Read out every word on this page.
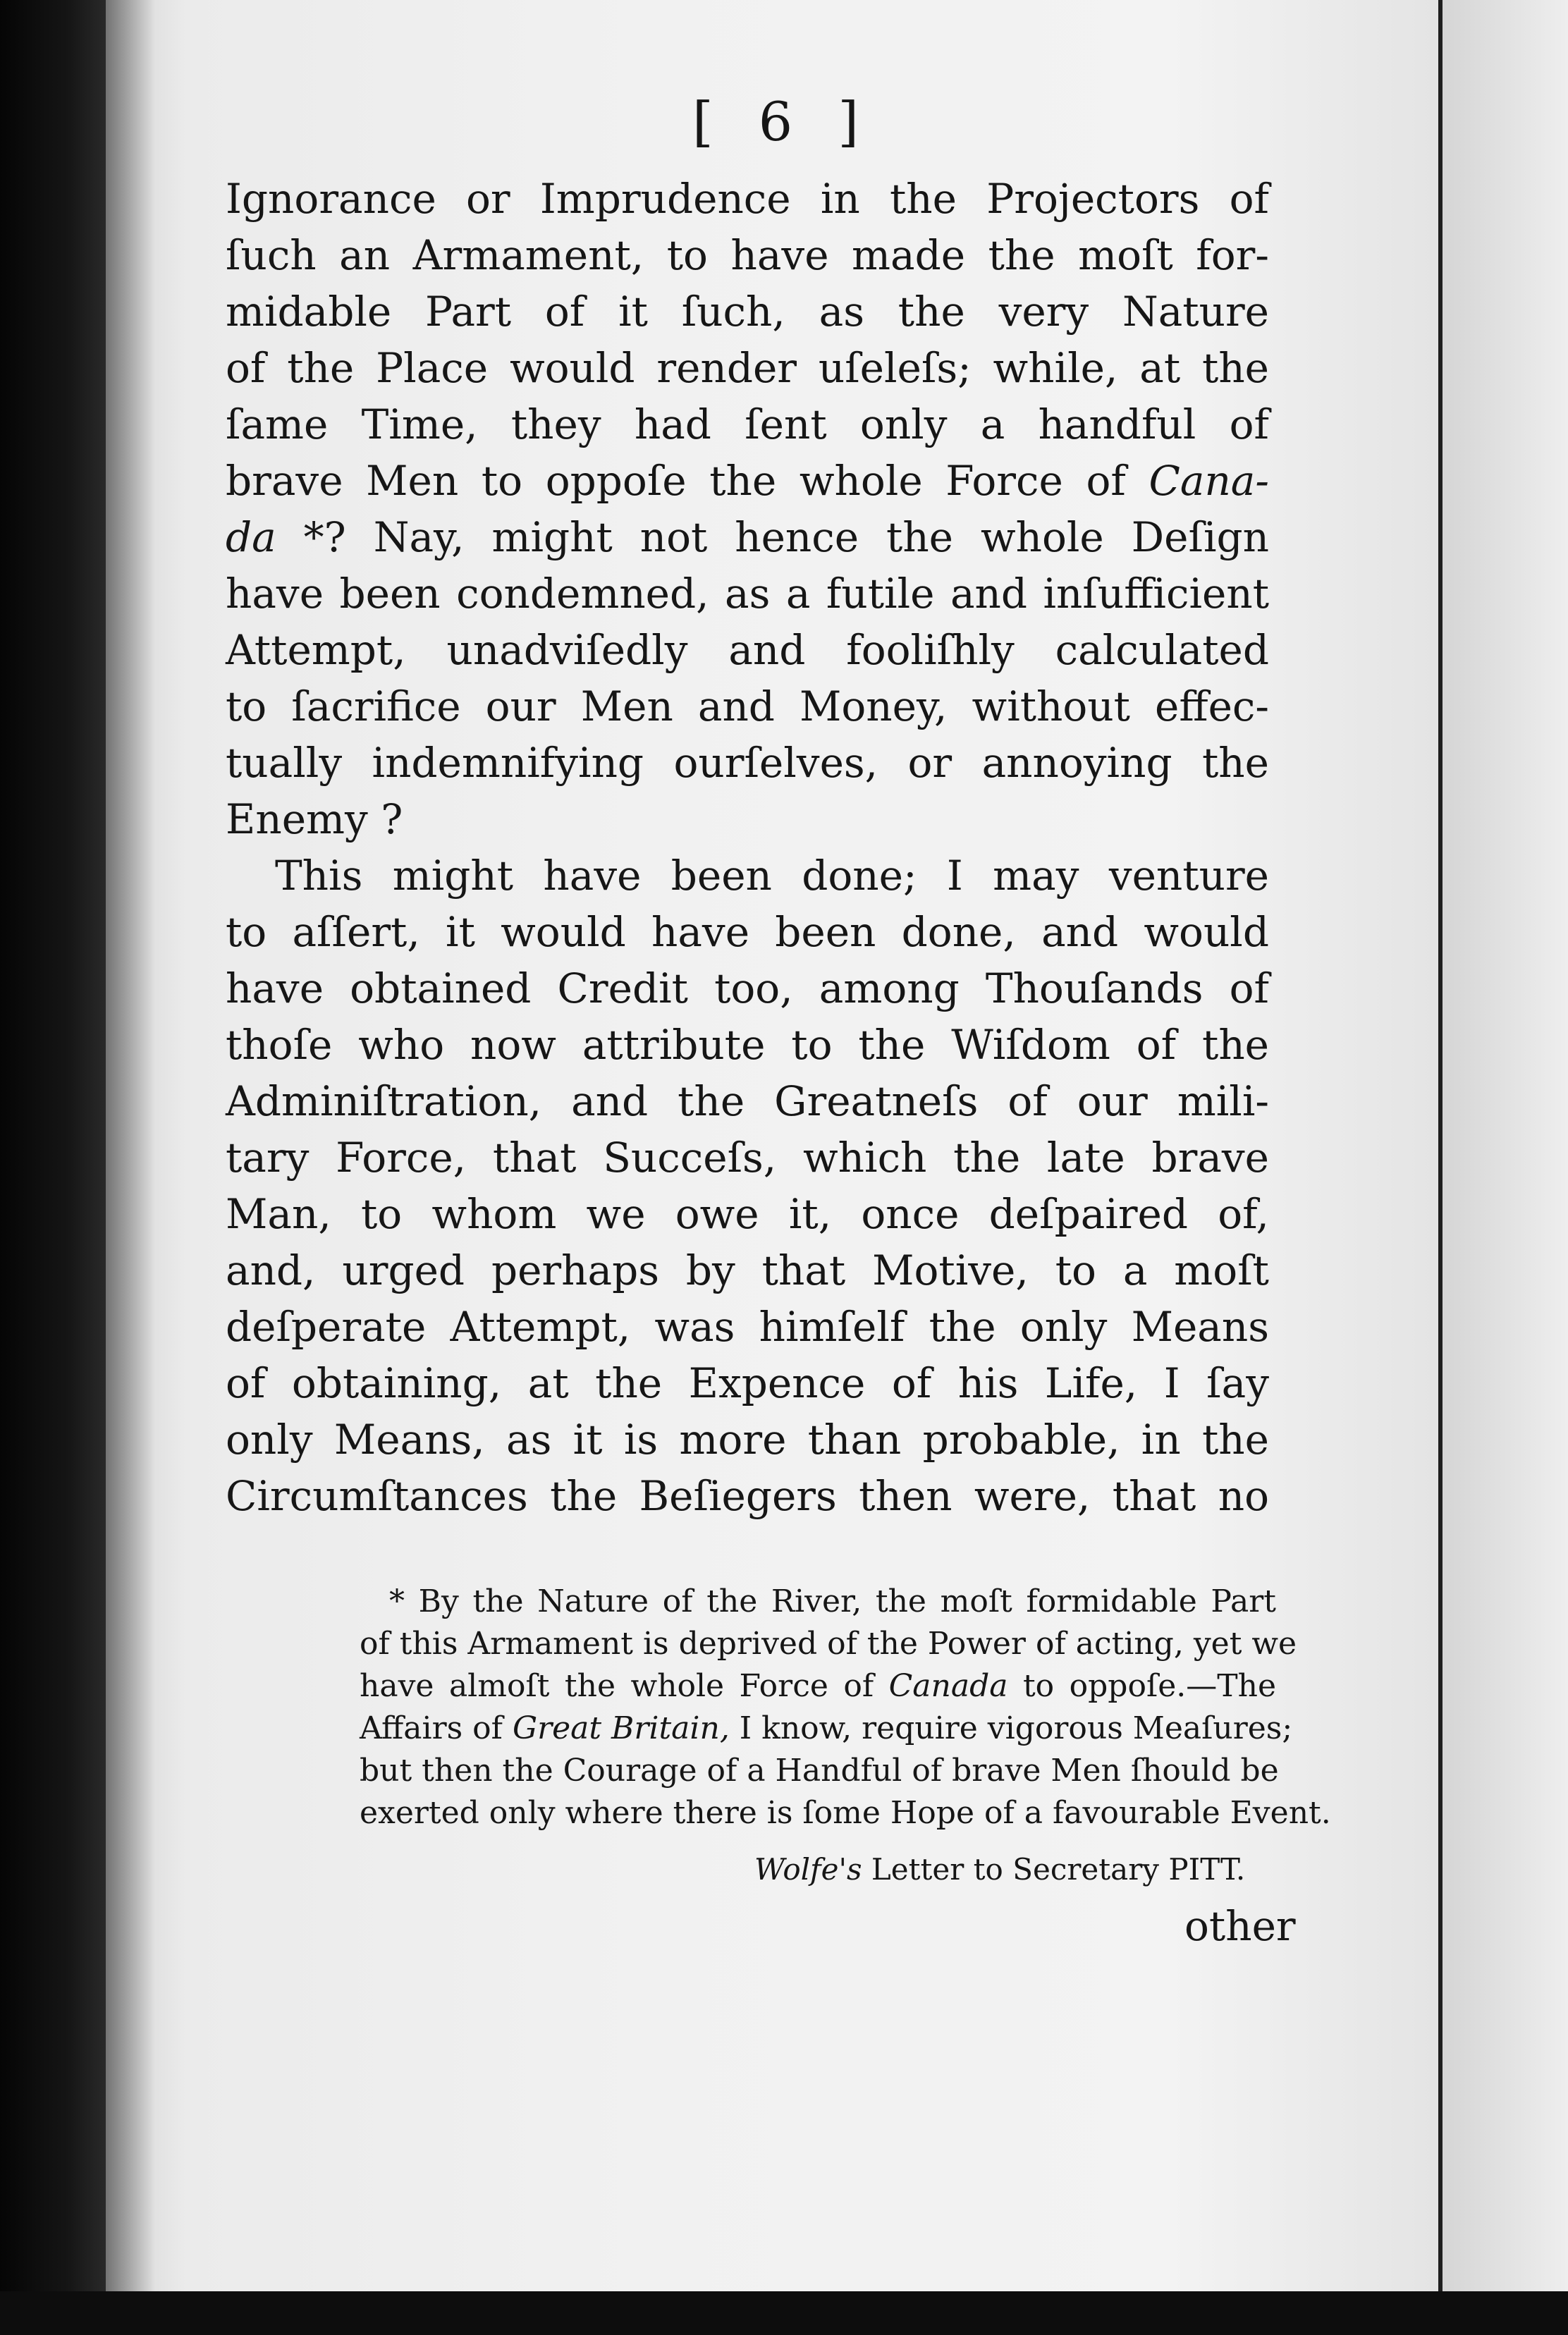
[ 6 ]
Ignorance or Imprudence in the Projectors of
ſuch an Armament, to have made the moſt for-
midable Part of it ſuch, as the very Nature
of the Place would render uſeleſs; while, at the
ſame Time, they had ſent only a handful of
brave Men to oppoſe the whole Force of Cana-
da *? Nay, might not hence the whole Deſign
have been condemned, as a futile and inſufficient
Attempt, unadviſedly and fooliſhly calculated
to ſacrifice our Men and Money, without effec-
tually indemnifying ourſelves, or annoying the
Enemy ?
This might have been done; I may venture
to aſſert, it would have been done, and would
have obtained Credit too, among Thouſands of
thoſe who now attribute to the Wiſdom of the
Adminiſtration, and the Greatneſs of our mili-
tary Force, that Succeſs, which the late brave
Man, to whom we owe it, once deſpaired of,
and, urged perhaps by that Motive, to a moſt
deſperate Attempt, was himſelf the only Means
of obtaining, at the Expence of his Life, I ſay
only Means, as it is more than probable, in the
Circumſtances the Beſiegers then were, that no
* By the Nature of the River, the moſt formidable Part
of this Armament is deprived of the Power of acting, yet we
have almoſt the whole Force of Canada to oppoſe.—The
Affairs of Great Britain, I know, require vigorous Meaſures;
but then the Courage of a Handful of brave Men ſhould be
exerted only where there is ſome Hope of a favourable Event.
Wolfe's Letter to Secretary PITT.
other
